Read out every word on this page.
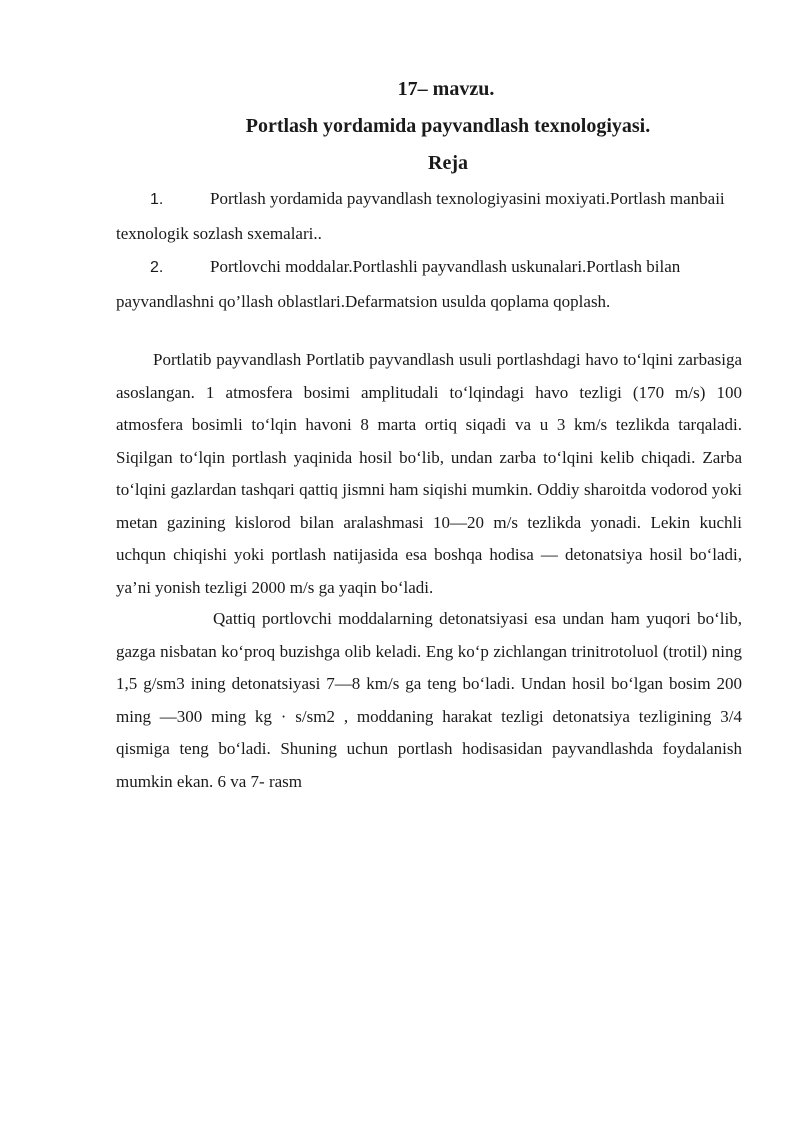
17– mavzu.
Portlash yordamida payvandlash texnologiyasi.
Reja
1.	Portlash yordamida payvandlash texnologiyasini moxiyati.Portlash manbaii texnologik sozlash sxemalari..
2.	Portlovchi moddalar.Portlashli payvandlash uskunalari.Portlash bilan payvandlashni qo’llash oblastlari.Defarmatsion usulda qoplama qoplash.

Portlatib payvandlash Portlatib payvandlash usuli portlashdagi havo to‘lqini zarbasiga asoslangan. 1 atmosfera bosimi amplitudali to‘lqindagi havo tezligi (170 m/s) 100 atmosfera bosimli to‘lqin havoni 8 marta ortiq siqadi va u 3 km/s tezlikda tarqaladi. Siqilgan to‘lqin portlash yaqinida hosil bo‘lib, undan zarba to‘lqini kelib chiqadi. Zarba to‘lqini gazlardan tashqari qattiq jismni ham siqishi mumkin. Oddiy sharoitda vodorod yoki metan gazining kislorod bilan aralashmasi 10—20 m/s tezlikda yonadi. Lekin kuchli uchqun chiqishi yoki portlash natijasida esa boshqa hodisa — detonatsiya hosil bo‘ladi, ya’ni yonish tezligi 2000 m/s ga yaqin bo‘ladi.

Qattiq portlovchi moddalarning detonatsiyasi esa undan ham yuqori bo‘lib, gazga nisbatan ko‘proq buzishga olib keladi. Eng ko‘p zichlangan trinitrotoluol (trotil) ning 1,5 g/sm3 ining detonatsiyasi 7—8 km/s ga teng bo‘ladi. Undan hosil bo‘lgan bosim 200 ming —300 ming kg · s/sm2 , moddaning harakat tezligi detonatsiya tezligining 3/4 qismiga teng bo‘ladi. Shuning uchun portlash hodisasidan payvandlashda foydalanish mumkin ekan. 6 va 7- rasm
